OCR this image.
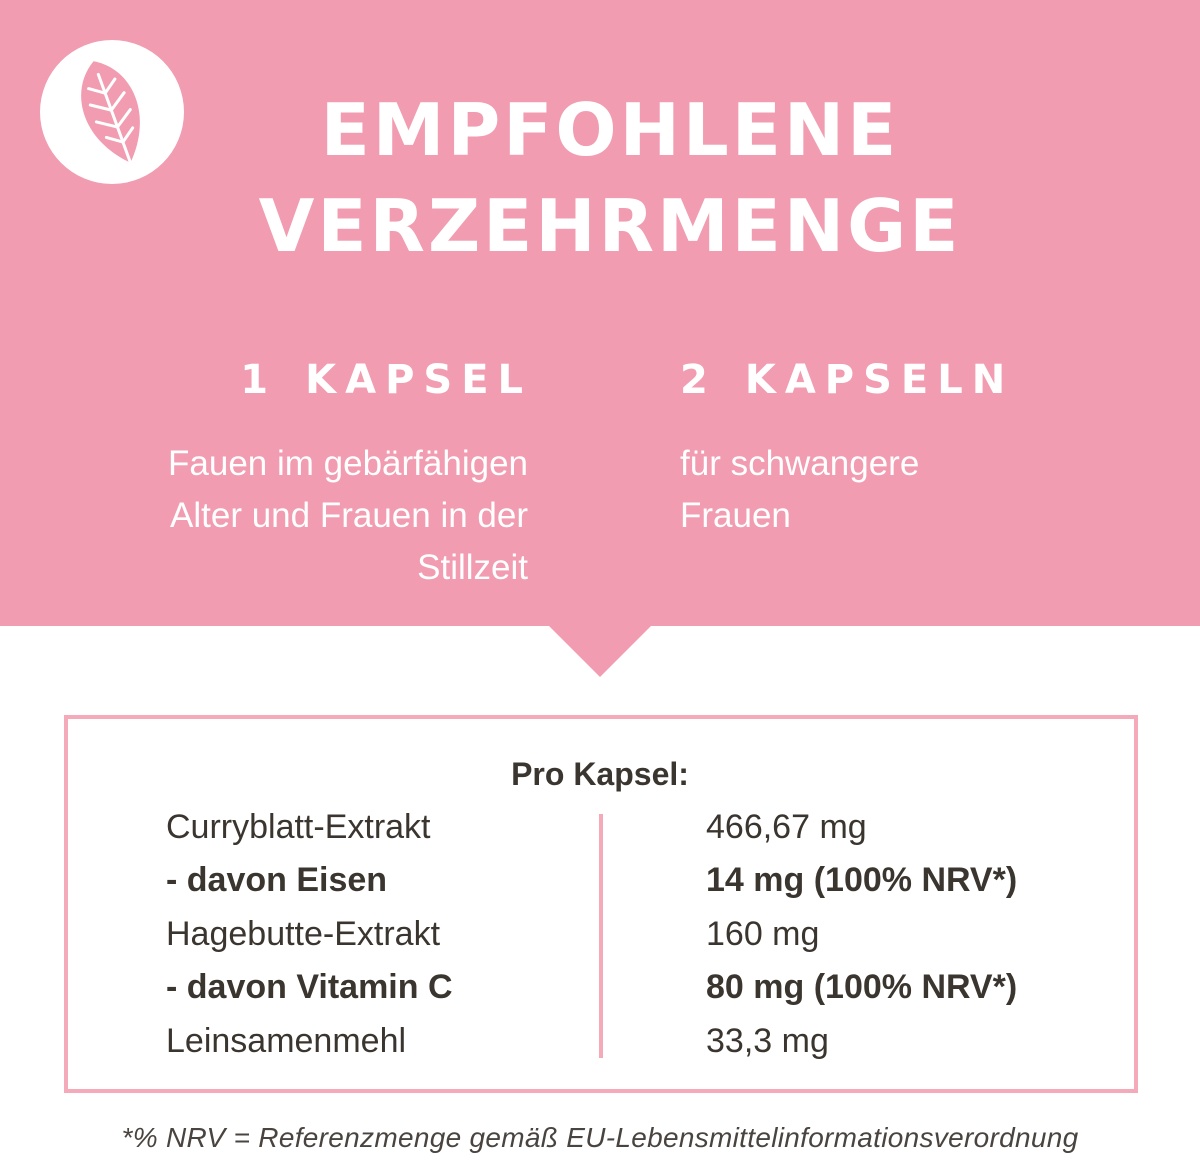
EMPFOHLENE
VERZEHRMENGE
1 KAPSEL	2 KAPSELN
Fauen im gebärfähigen
Alter und Frauen in der
Stillzeit
für schwangere
Frauen
Pro Kapsel:
Curryblatt-Extrakt	466,67 mg
- davon Eisen	14 mg (100% NRV*)
Hagebutte-Extrakt	160 mg
- davon Vitamin C	80 mg (100% NRV*)
Leinsamenmehl	33,3 mg
*% NRV = Referenzmenge gemäß EU-Lebensmittelinformationsverordnung
